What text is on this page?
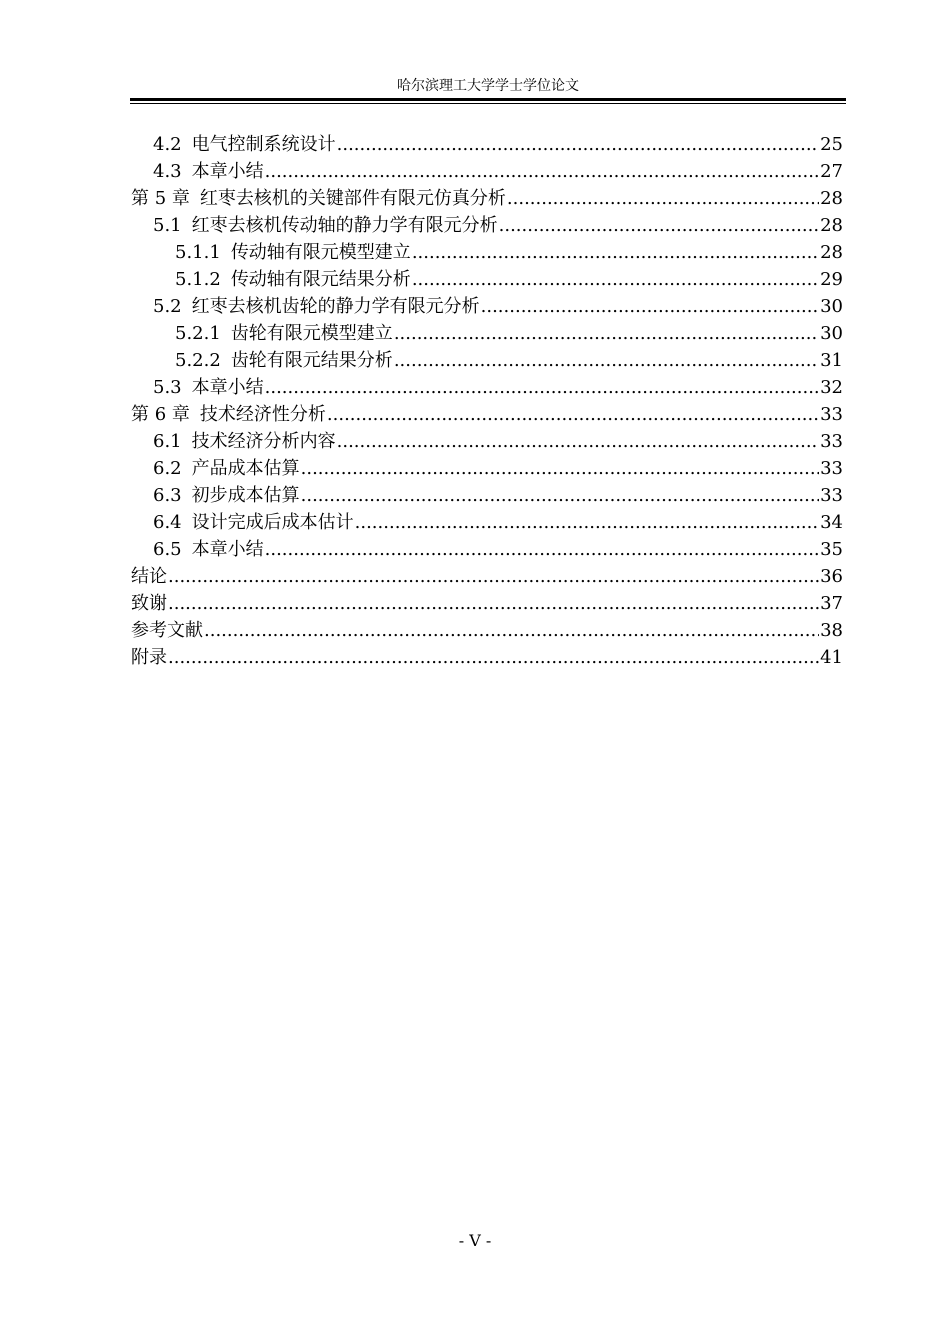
哈尔滨理工大学学士学位论文
4.2 电气控制系统设计 .....	25
4.3 本章小结 .....	27
第 5 章 红枣去核机的关键部件有限元仿真分析 .....	28
5.1 红枣去核机传动轴的静力学有限元分析 .....	28
5.1.1 传动轴有限元模型建立 .....	28
5.1.2 传动轴有限元结果分析 .....	29
5.2 红枣去核机齿轮的静力学有限元分析 .....	30
5.2.1 齿轮有限元模型建立 .....	30
5.2.2 齿轮有限元结果分析 .....	31
5.3 本章小结 .....	32
第 6 章 技术经济性分析 .....	33
6.1 技术经济分析内容 .....	33
6.2 产品成本估算 .....	33
6.3 初步成本估算 .....	33
6.4 设计完成后成本估计 .....	34
6.5 本章小结 .....	35
结论 .....	36
致谢 .....	37
参考文献 .....	38
附录 .....	41
- V -
